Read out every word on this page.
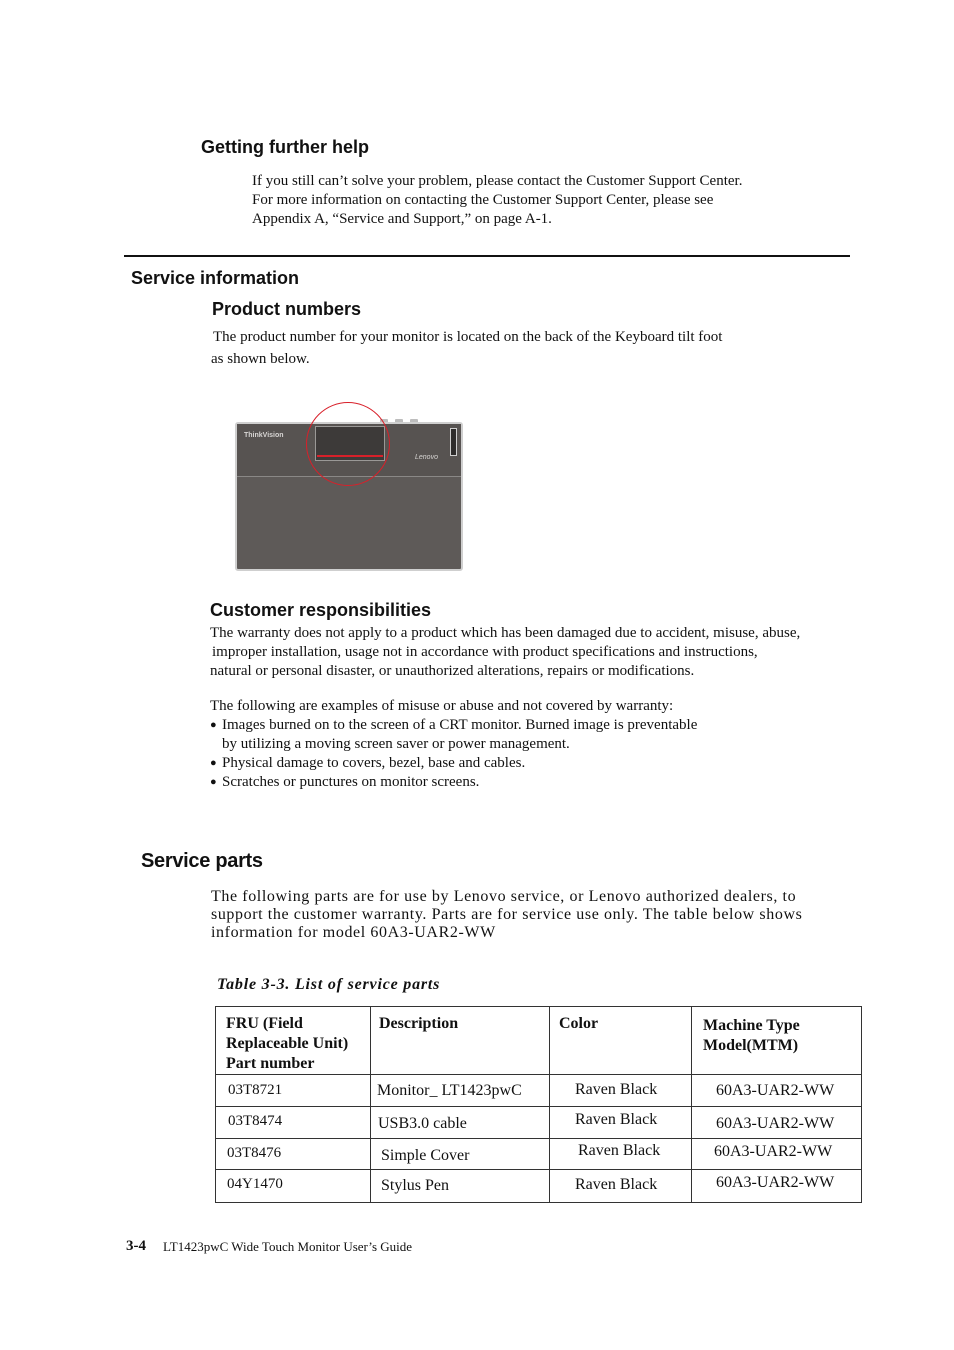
Getting further help
If you still can’t solve your problem, please contact the Customer Support Center.
For more information on contacting the Customer Support Center, please see
Appendix A, “Service and Support,” on page A-1.
Service information
Product numbers
The product number for your monitor is located on the back of the Keyboard tilt foot
as shown below.
ThinkVision
Lenovo
Customer responsibilities
The warranty does not apply to a product which has been damaged due to accident, misuse, abuse,
improper installation, usage not in accordance with product specifications and instructions,
natural or personal disaster, or unauthorized alterations, repairs or modifications.
The following are examples of misuse or abuse and not covered by warranty:
● Images burned on to the screen of a CRT monitor. Burned image is preventable
by utilizing a moving screen saver or power management.
● Physical damage to covers, bezel, base and cables.
● Scratches or punctures on monitor screens.
Service parts
The following parts are for use by Lenovo service, or Lenovo authorized dealers, to
support the customer warranty. Parts are for service use only. The table below shows
information for model 60A3-UAR2-WW
Table 3-3. List of service parts
FRU (Field
Replaceable Unit)
Part number	Description	Color	Machine Type
Model(MTM)

03T8721	Monitor_ LT1423pwC	Raven Black	60A3-UAR2-WW

03T8474	USB3.0 cable	Raven Black	60A3-UAR2-WW

03T8476	Simple Cover	Raven Black	60A3-UAR2-WW

04Y1470	Stylus Pen	Raven Black	60A3-UAR2-WW
3-4 LT1423pwC Wide Touch Monitor User’s Guide
